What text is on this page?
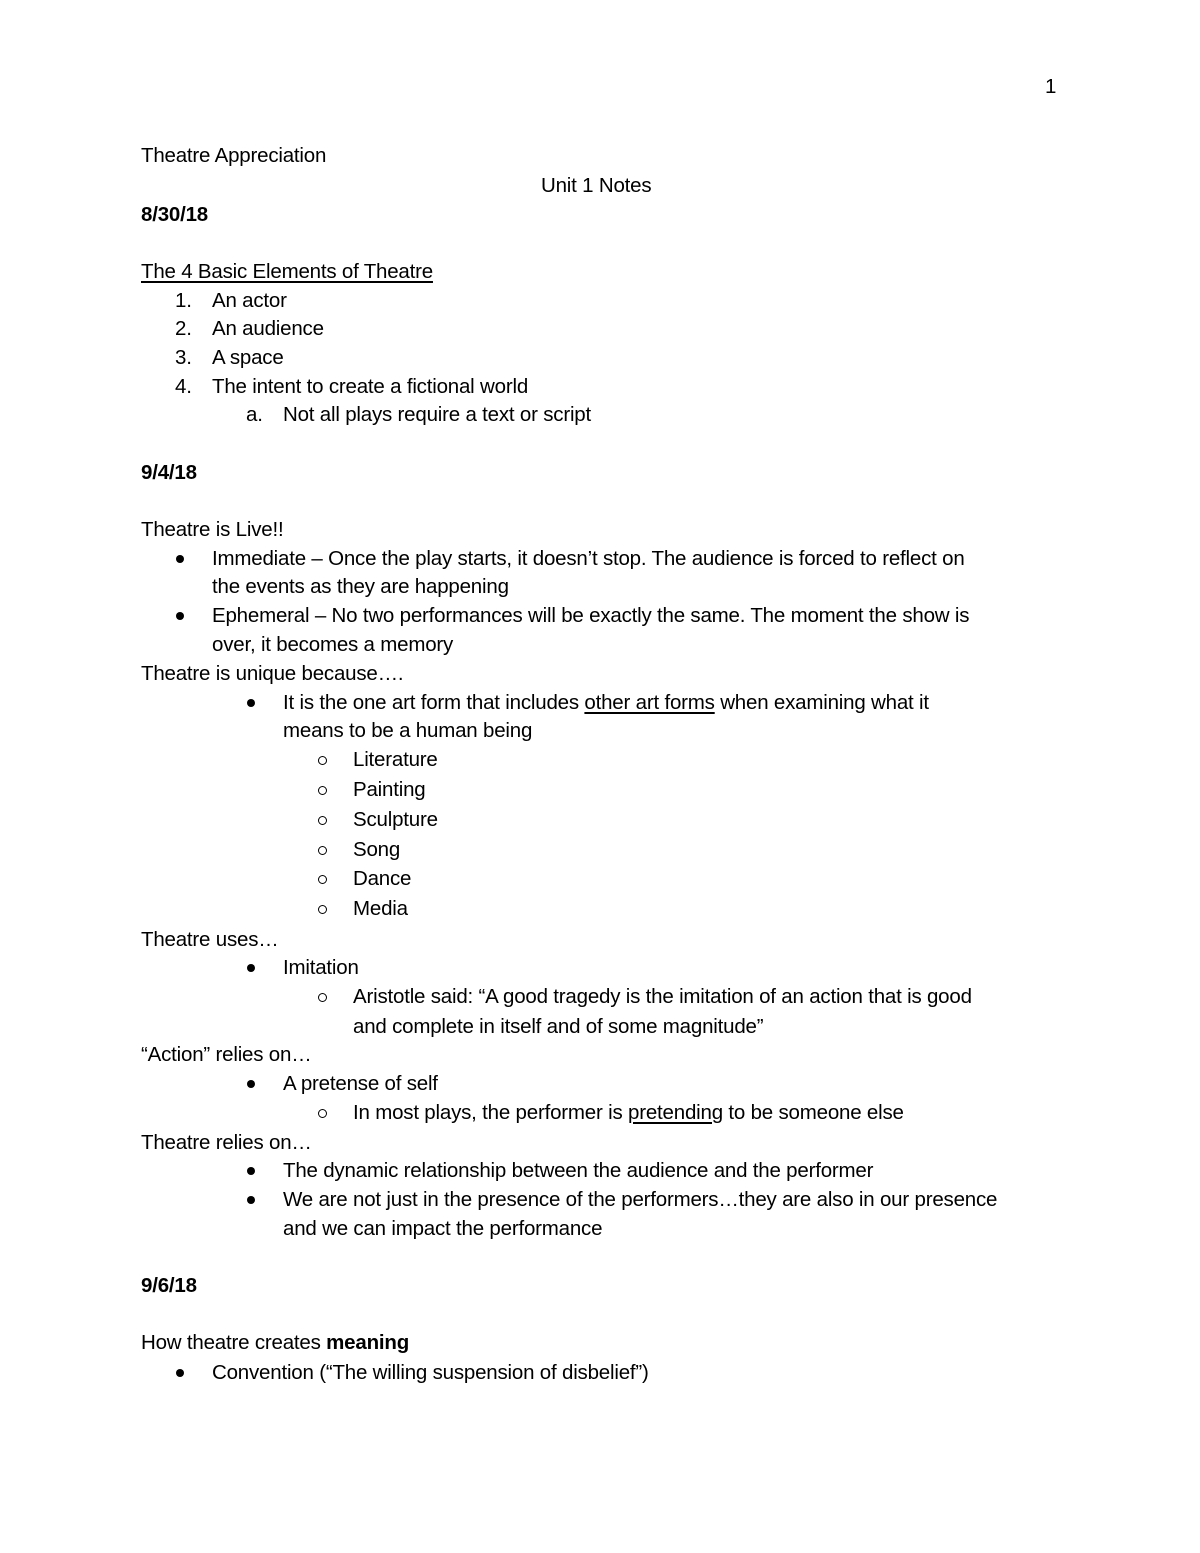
1
Theatre Appreciation
Unit 1 Notes
8/30/18
The 4 Basic Elements of Theatre
1. An actor
2. An audience
3. A space
4. The intent to create a fictional world
a. Not all plays require a text or script
9/4/18
Theatre is Live!!
Immediate – Once the play starts, it doesn’t stop. The audience is forced to reflect on
the events as they are happening
Ephemeral – No two performances will be exactly the same. The moment the show is
over, it becomes a memory
Theatre is unique because….
It is the one art form that includes other art forms when examining what it
means to be a human being
Literature
Painting
Sculpture
Song
Dance
Media
Theatre uses…
Imitation
Aristotle said: “A good tragedy is the imitation of an action that is good
and complete in itself and of some magnitude”
“Action” relies on…
A pretense of self
In most plays, the performer is pretending to be someone else
Theatre relies on…
The dynamic relationship between the audience and the performer
We are not just in the presence of the performers…they are also in our presence
and we can impact the performance
9/6/18
How theatre creates meaning
Convention (“The willing suspension of disbelief”)
